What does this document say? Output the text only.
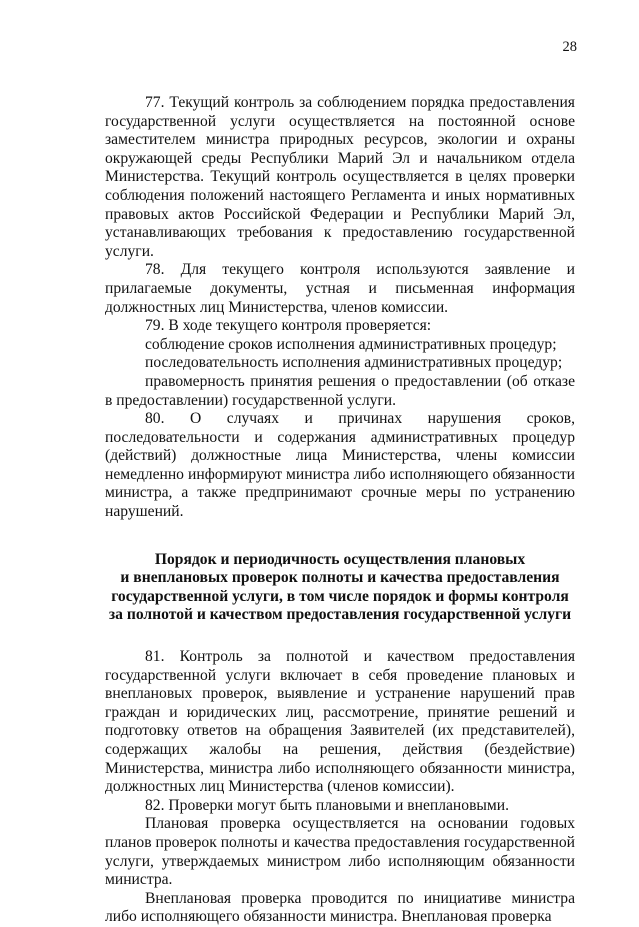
28

77. Текущий контроль за соблюдением порядка предоставления государственной услуги осуществляется на постоянной основе заместителем министра природных ресурсов, экологии и охраны окружающей среды Республики Марий Эл и начальником отдела Министерства. Текущий контроль осуществляется в целях проверки соблюдения положений настоящего Регламента и иных нормативных правовых актов Российской Федерации и Республики Марий Эл, устанавливающих требования к предоставлению государственной услуги.

78. Для текущего контроля используются заявление и прилагаемые документы, устная и письменная информация должностных лиц Министерства, членов комиссии.

79. В ходе текущего контроля проверяется:

соблюдение сроков исполнения административных процедур;

последовательность исполнения административных процедур;

правомерность принятия решения о предоставлении (об отказе в предоставлении) государственной услуги.

80. О случаях и причинах нарушения сроков, последовательности и содержания административных процедур (действий) должностные лица Министерства, члены комиссии немедленно информируют министра либо исполняющего обязанности министра, а также предпринимают срочные меры по устранению нарушений.

Порядок и периодичность осуществления плановых
и внеплановых проверок полноты и качества предоставления
государственной услуги, в том числе порядок и формы контроля
за полнотой и качеством предоставления государственной услуги

81. Контроль за полнотой и качеством предоставления государственной услуги включает в себя проведение плановых и внеплановых проверок, выявление и устранение нарушений прав граждан и юридических лиц, рассмотрение, принятие решений и подготовку ответов на обращения Заявителей (их представителей), содержащих жалобы на решения, действия (бездействие) Министерства, министра либо исполняющего обязанности министра, должностных лиц Министерства (членов комиссии).

82. Проверки могут быть плановыми и внеплановыми.

Плановая проверка осуществляется на основании годовых планов проверок полноты и качества предоставления государственной услуги, утверждаемых министром либо исполняющим обязанности министра.

Внеплановая проверка проводится по инициативе министра либо исполняющего обязанности министра. Внеплановая проверка
